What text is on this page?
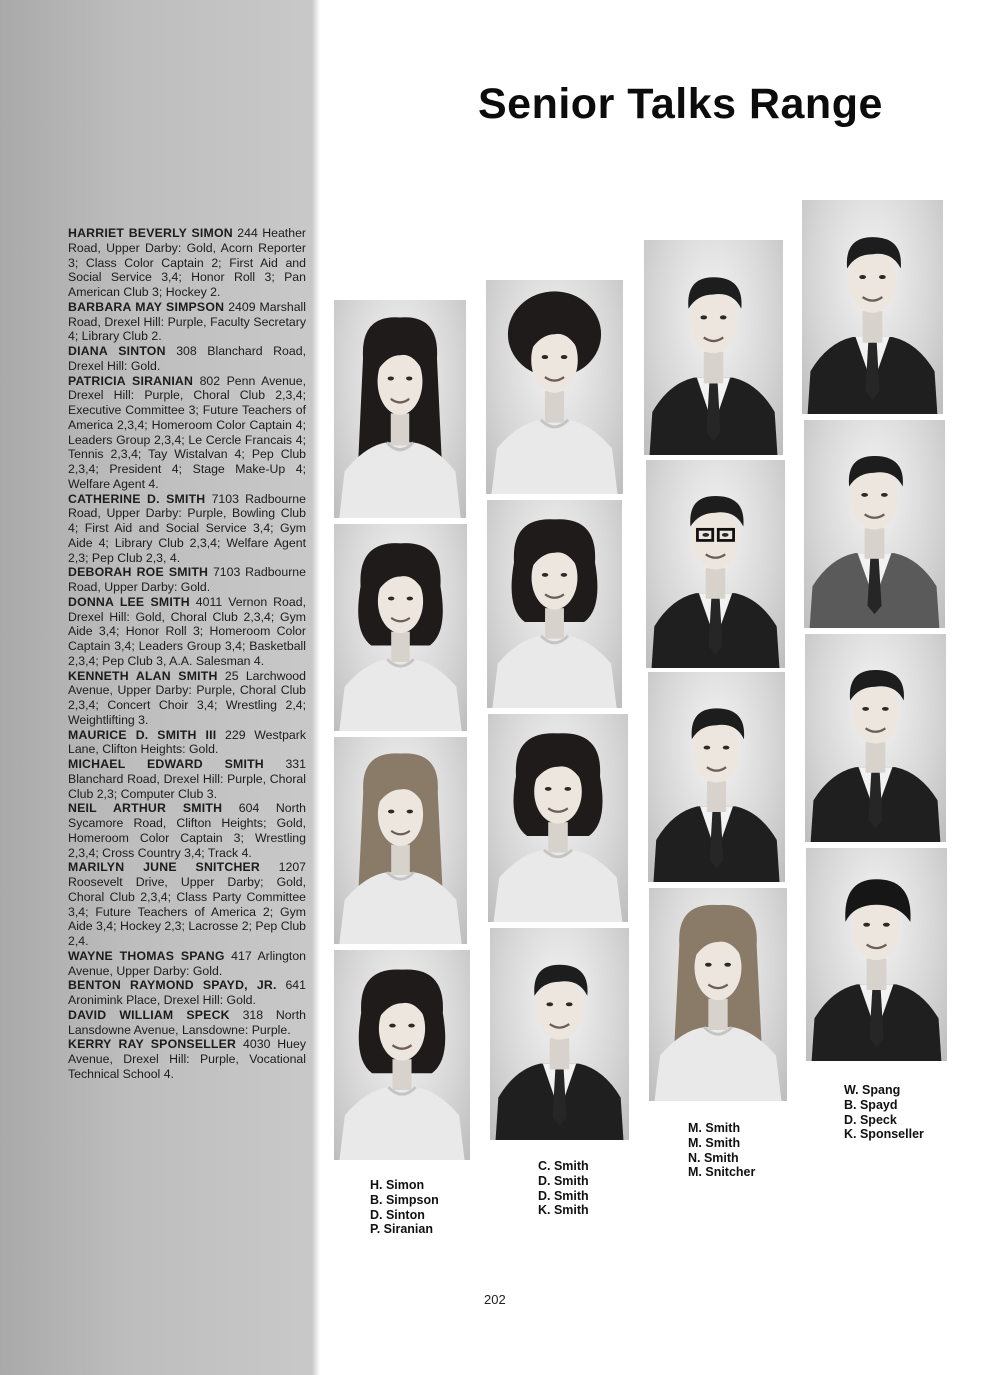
Senior Talks Range

HARRIET BEVERLY SIMON 244 Heather Road, Upper Darby: Gold, Acorn Reporter 3; Class Color Captain 2; First Aid and Social Service 3,4; Honor Roll 3; Pan American Club 3; Hockey 2.

BARBARA MAY SIMPSON 2409 Marshall Road, Drexel Hill: Purple, Faculty Secretary 4; Library Club 2.

DIANA SINTON 308 Blanchard Road, Drexel Hill: Gold.

PATRICIA SIRANIAN 802 Penn Avenue, Drexel Hill: Purple, Choral Club 2,3,4; Executive Committee 3; Future Teachers of America 2,3,4; Homeroom Color Captain 4; Leaders Group 2,3,4; Le Cercle Francais 4; Tennis 2,3,4; Tay Wistalvan 4; Pep Club 2,3,4; President 4; Stage Make-Up 4; Welfare Agent 4.

CATHERINE D. SMITH 7103 Radbourne Road, Upper Darby: Purple, Bowling Club 4; First Aid and Social Service 3,4; Gym Aide 4; Library Club 2,3,4; Welfare Agent 2,3; Pep Club 2,3, 4.

DEBORAH ROE SMITH 7103 Radbourne Road, Upper Darby: Gold.

DONNA LEE SMITH 4011 Vernon Road, Drexel Hill: Gold, Choral Club 2,3,4; Gym Aide 3,4; Honor Roll 3; Homeroom Color Captain 3,4; Leaders Group 3,4; Basketball 2,3,4; Pep Club 3, A.A. Salesman 4.

KENNETH ALAN SMITH 25 Larchwood Avenue, Upper Darby: Purple, Choral Club 2,3,4; Concert Choir 3,4; Wrestling 2,4; Weightlifting 3.

MAURICE D. SMITH III 229 Westpark Lane, Clifton Heights: Gold.

MICHAEL EDWARD SMITH 331 Blanchard Road, Drexel Hill: Purple, Choral Club 2,3; Computer Club 3.

NEIL ARTHUR SMITH 604 North Sycamore Road, Clifton Heights; Gold, Homeroom Color Captain 3; Wrestling 2,3,4; Cross Country 3,4; Track 4.

MARILYN JUNE SNITCHER 1207 Roosevelt Drive, Upper Darby; Gold, Choral Club 2,3,4; Class Party Committee 3,4; Future Teachers of America 2; Gym Aide 3,4; Hockey 2,3; Lacrosse 2; Pep Club 2,4.

WAYNE THOMAS SPANG 417 Arlington Avenue, Upper Darby: Gold.

BENTON RAYMOND SPAYD, JR. 641 Aronimink Place, Drexel Hill: Gold.

DAVID WILLIAM SPECK 318 North Lansdowne Avenue, Lansdowne: Purple.

KERRY RAY SPONSELLER 4030 Huey Avenue, Drexel Hill: Purple, Vocational Technical School 4.

H. Simon
B. Simpson
D. Sinton
P. Siranian
C. Smith
D. Smith
D. Smith
K. Smith
M. Smith
M. Smith
N. Smith
M. Snitcher
W. Spang
B. Spayd
D. Speck
K. Sponseller
202
